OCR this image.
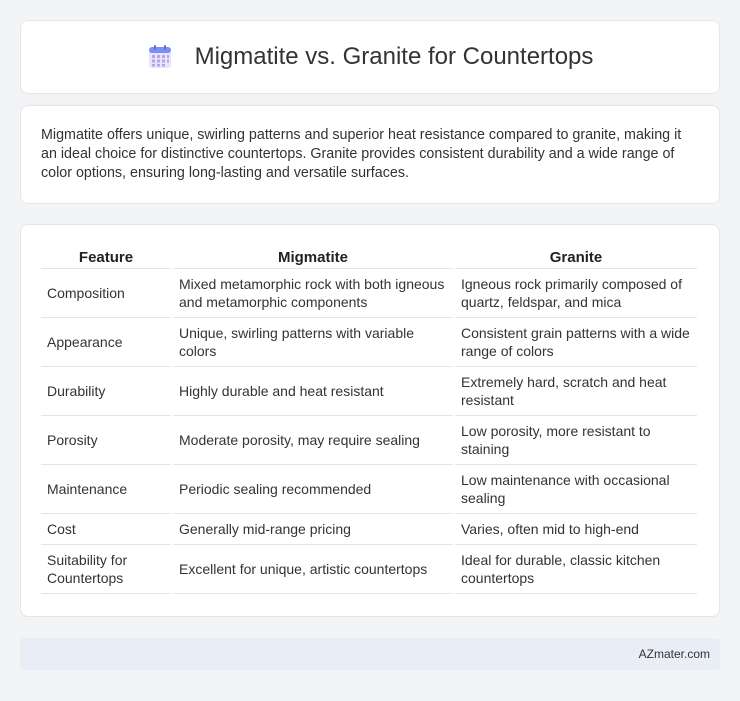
Migmatite vs. Granite for Countertops

Migmatite offers unique, swirling patterns and superior heat resistance compared to granite, making it an ideal choice for distinctive countertops. Granite provides consistent durability and a wide range of color options, ensuring long-lasting and versatile surfaces.

Feature	Migmatite	Granite
Composition	Mixed metamorphic rock with both igneous and metamorphic components	Igneous rock primarily composed of quartz, feldspar, and mica
Appearance	Unique, swirling patterns with variable colors	Consistent grain patterns with a wide range of colors
Durability	Highly durable and heat resistant	Extremely hard, scratch and heat resistant
Porosity	Moderate porosity, may require sealing	Low porosity, more resistant to staining
Maintenance	Periodic sealing recommended	Low maintenance with occasional sealing
Cost	Generally mid-range pricing	Varies, often mid to high-end
Suitability for Countertops	Excellent for unique, artistic countertops	Ideal for durable, classic kitchen countertops
AZmater.com
